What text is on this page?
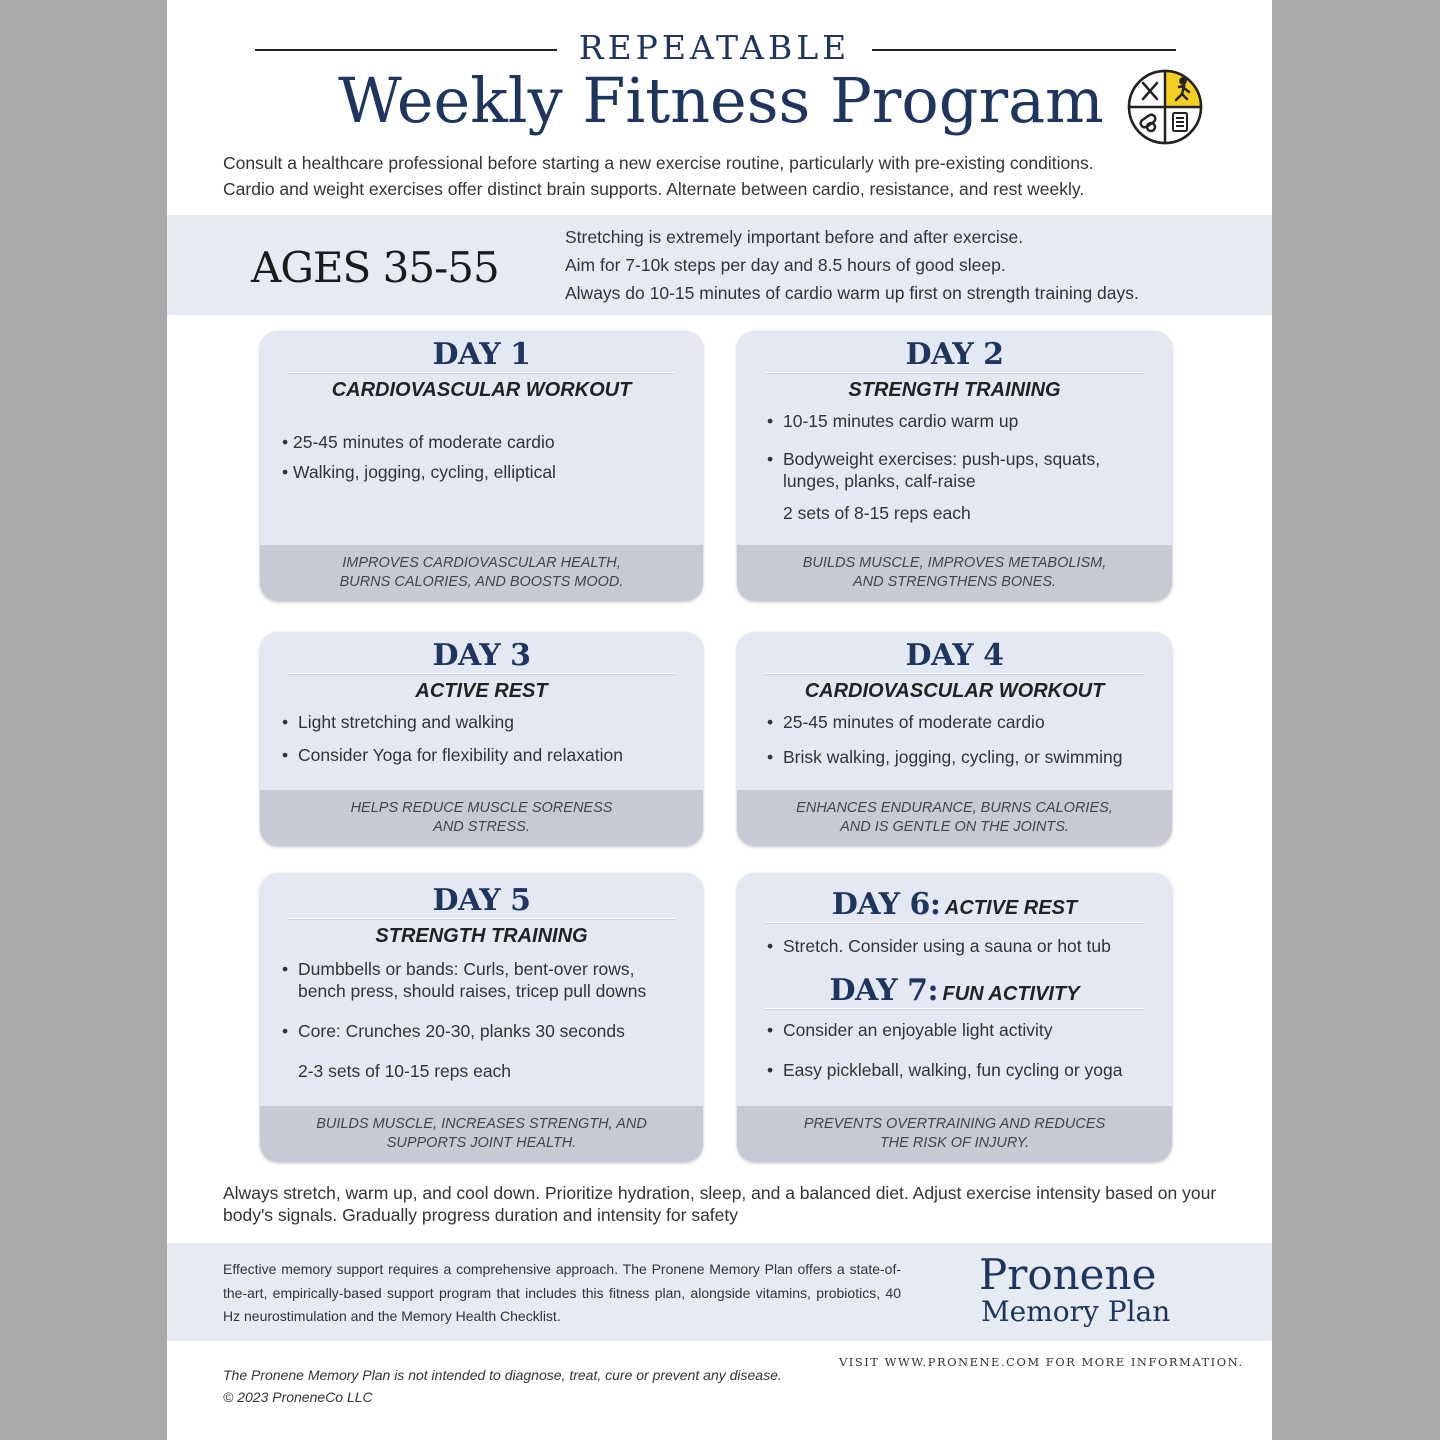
REPEATABLE
Weekly Fitness Program
Consult a healthcare professional before starting a new exercise routine, particularly with pre-existing conditions.
Cardio and weight exercises offer distinct brain supports. Alternate between cardio, resistance, and rest weekly.
AGES 35-55
Stretching is extremely important before and after exercise.
Aim for 7-10k steps per day and 8.5 hours of good sleep.
Always do 10-15 minutes of cardio warm up first on strength training days.
DAY 1
CARDIOVASCULAR WORKOUT
• 25-45 minutes of moderate cardio
• Walking, jogging, cycling, elliptical
IMPROVES CARDIOVASCULAR HEALTH,
BURNS CALORIES, AND BOOSTS MOOD.
DAY 2
STRENGTH TRAINING
• 10-15 minutes cardio warm up
• Bodyweight exercises: push-ups, squats, lunges, planks, calf-raise
2 sets of 8-15 reps each
BUILDS MUSCLE, IMPROVES METABOLISM,
AND STRENGTHENS BONES.
DAY 3
ACTIVE REST
• Light stretching and walking
• Consider Yoga for flexibility and relaxation
HELPS REDUCE MUSCLE SORENESS
AND STRESS.
DAY 4
CARDIOVASCULAR WORKOUT
• 25-45 minutes of moderate cardio
• Brisk walking, jogging, cycling, or swimming
ENHANCES ENDURANCE, BURNS CALORIES,
AND IS GENTLE ON THE JOINTS.
DAY 5
STRENGTH TRAINING
• Dumbbells or bands: Curls, bent-over rows, bench press, should raises, tricep pull downs
• Core: Crunches 20-30, planks 30 seconds
2-3 sets of 10-15 reps each
BUILDS MUSCLE, INCREASES STRENGTH, AND
SUPPORTS JOINT HEALTH.
DAY 6: ACTIVE REST
• Stretch. Consider using a sauna or hot tub
DAY 7: FUN ACTIVITY
• Consider an enjoyable light activity
• Easy pickleball, walking, fun cycling or yoga
PREVENTS OVERTRAINING AND REDUCES
THE RISK OF INJURY.
Always stretch, warm up, and cool down. Prioritize hydration, sleep, and a balanced diet. Adjust exercise intensity based on your body's signals. Gradually progress duration and intensity for safety
Effective memory support requires a comprehensive approach. The Pronene Memory Plan offers a state-of-the-art, empirically-based support program that includes this fitness plan, alongside vitamins, probiotics, 40 Hz neurostimulation and the Memory Health Checklist.
Pronene
Memory Plan
VISIT WWW.PRONENE.COM FOR MORE INFORMATION.
The Pronene Memory Plan is not intended to diagnose, treat, cure or prevent any disease.
© 2023 ProneneCo LLC
